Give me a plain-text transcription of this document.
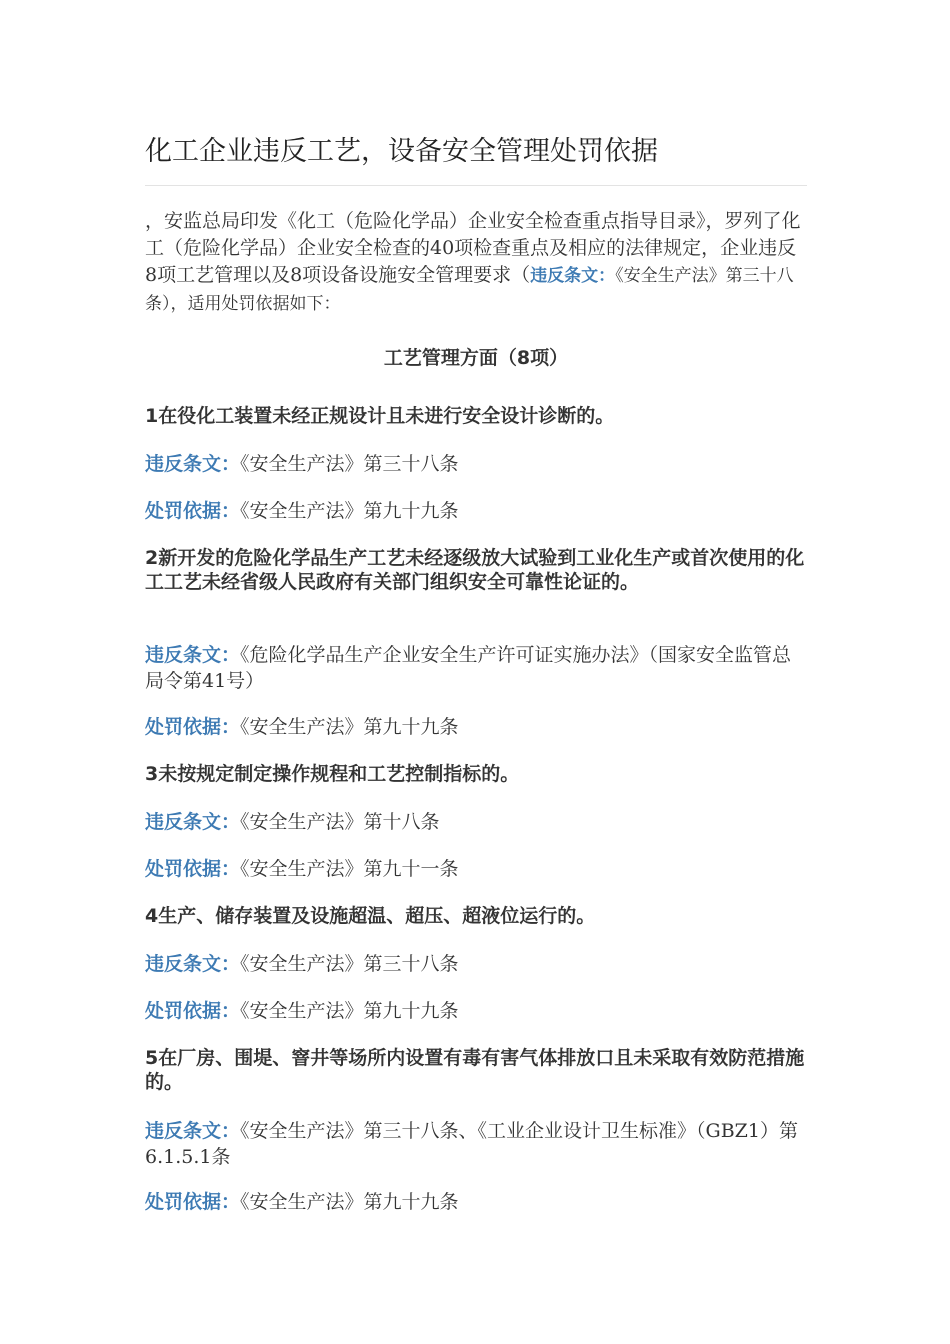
化工企业违反工艺，设备安全管理处罚依据
，安监总局印发《化工（危险化学品）企业安全检查重点指导目录》，罗列了化工（危险化学品）企业安全检查的40项检查重点及相应的法律规定，企业违反8项工艺管理以及8项设备设施安全管理要求（违反条文：《安全生产法》第三十八条），适用处罚依据如下：
工艺管理方面（8项）
1在役化工装置未经正规设计且未进行安全设计诊断的。
违反条文：《安全生产法》第三十八条
处罚依据：《安全生产法》第九十九条
2新开发的危险化学品生产工艺未经逐级放大试验到工业化生产或首次使用的化工工艺未经省级人民政府有关部门组织安全可靠性论证的。
违反条文：《危险化学品生产企业安全生产许可证实施办法》（国家安全监管总局令第41号）
处罚依据：《安全生产法》第九十九条
3未按规定制定操作规程和工艺控制指标的。
违反条文：《安全生产法》第十八条
处罚依据：《安全生产法》第九十一条
4生产、储存装置及设施超温、超压、超液位运行的。
违反条文：《安全生产法》第三十八条
处罚依据：《安全生产法》第九十九条
5在厂房、围堤、窨井等场所内设置有毒有害气体排放口且未采取有效防范措施的。
违反条文：《安全生产法》第三十八条、《工业企业设计卫生标准》（GBZ1）第6.1.5.1条
处罚依据：《安全生产法》第九十九条
